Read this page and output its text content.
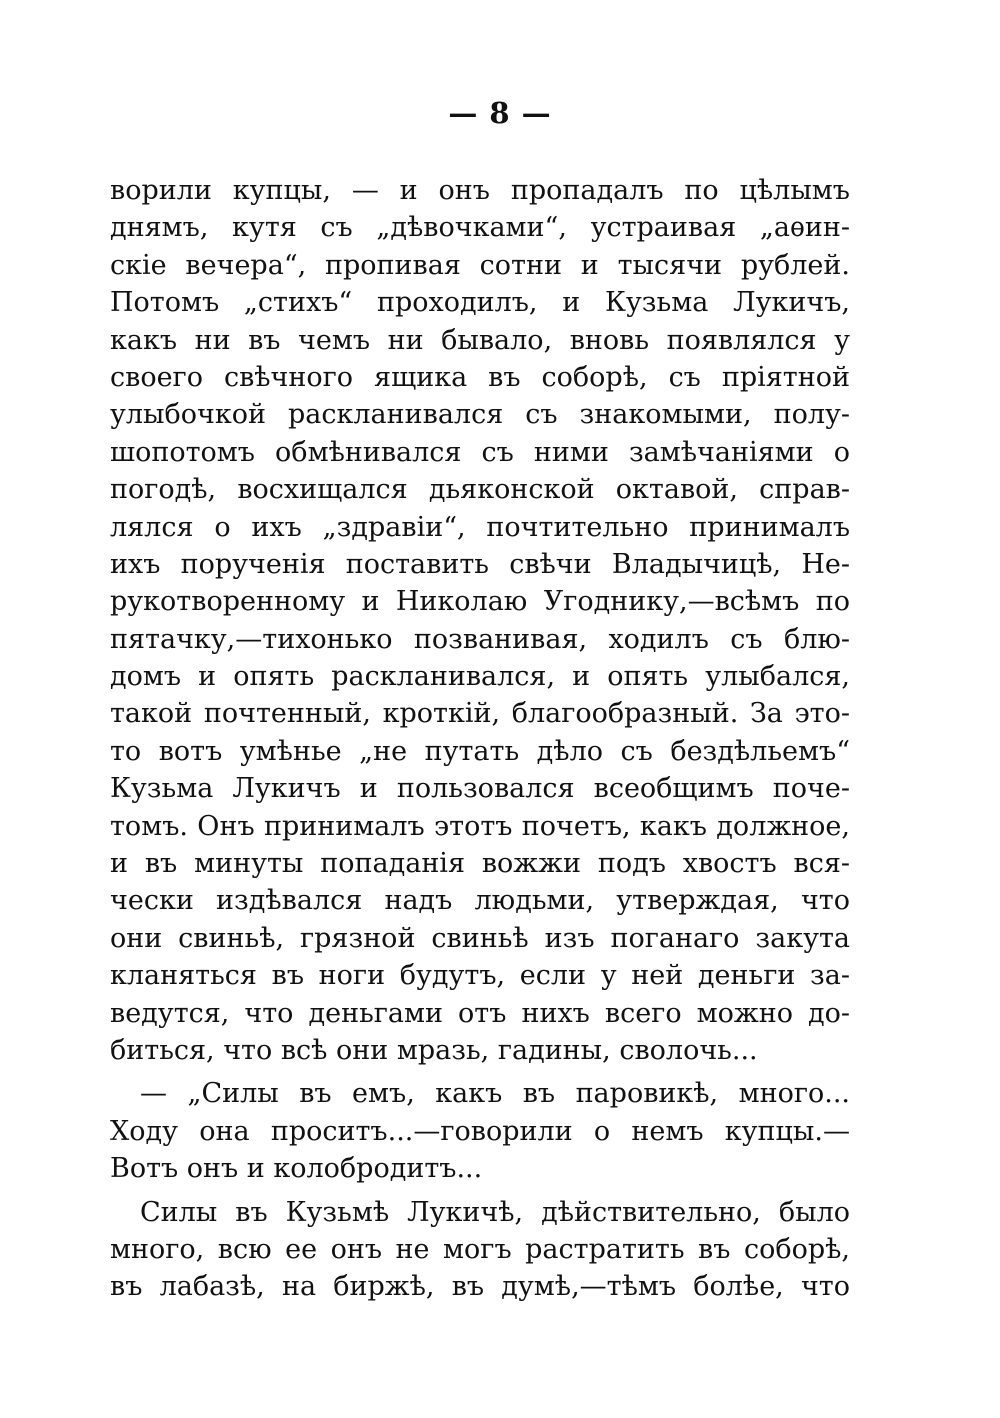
— 8 —
ворили купцы, — и онъ пропадалъ по цѣлымъ
днямъ, кутя съ „дѣвочками“, устраивая „аѳин-
скіе вечера“, пропивая сотни и тысячи рублей.
Потомъ „стихъ“ проходилъ, и Кузьма Лукичъ,
какъ ни въ чемъ ни бывало, вновь появлялся у
своего свѣчного ящика въ соборѣ, съ пріятной
улыбочкой раскланивался съ знакомыми, полу-
шопотомъ обмѣнивался съ ними замѣчаніями о
погодѣ, восхищался дьяконской октавой, справ-
лялся о ихъ „здравіи“, почтительно принималъ
ихъ порученія поставить свѣчи Владычицѣ, Не-
рукотворенному и Николаю Угоднику,—всѣмъ по
пятачку,—тихонько позванивая, ходилъ съ блю-
домъ и опять раскланивался, и опять улыбался,
такой почтенный, кроткій, благообразный. За это-
то вотъ умѣнье „не путать дѣло съ бездѣльемъ“
Кузьма Лукичъ и пользовался всеобщимъ поче-
томъ. Онъ принималъ этотъ почетъ, какъ должное,
и въ минуты попаданія вожжи подъ хвостъ вся-
чески издѣвался надъ людьми, утверждая, что
они свиньѣ, грязной свиньѣ изъ поганаго закута
кланяться въ ноги будутъ, если у ней деньги за-
ведутся, что деньгами отъ нихъ всего можно до-
биться, что всѣ они мразь, гадины, сволочь...
— „Силы въ емъ, какъ въ паровикѣ, много...
Ходу она проситъ...—говорили о немъ купцы.—
Вотъ онъ и колобродитъ...
Силы въ Кузьмѣ Лукичѣ, дѣйствительно, было
много, всю ее онъ не могъ растратить въ соборѣ,
въ лабазѣ, на биржѣ, въ думѣ,—тѣмъ болѣе, что
